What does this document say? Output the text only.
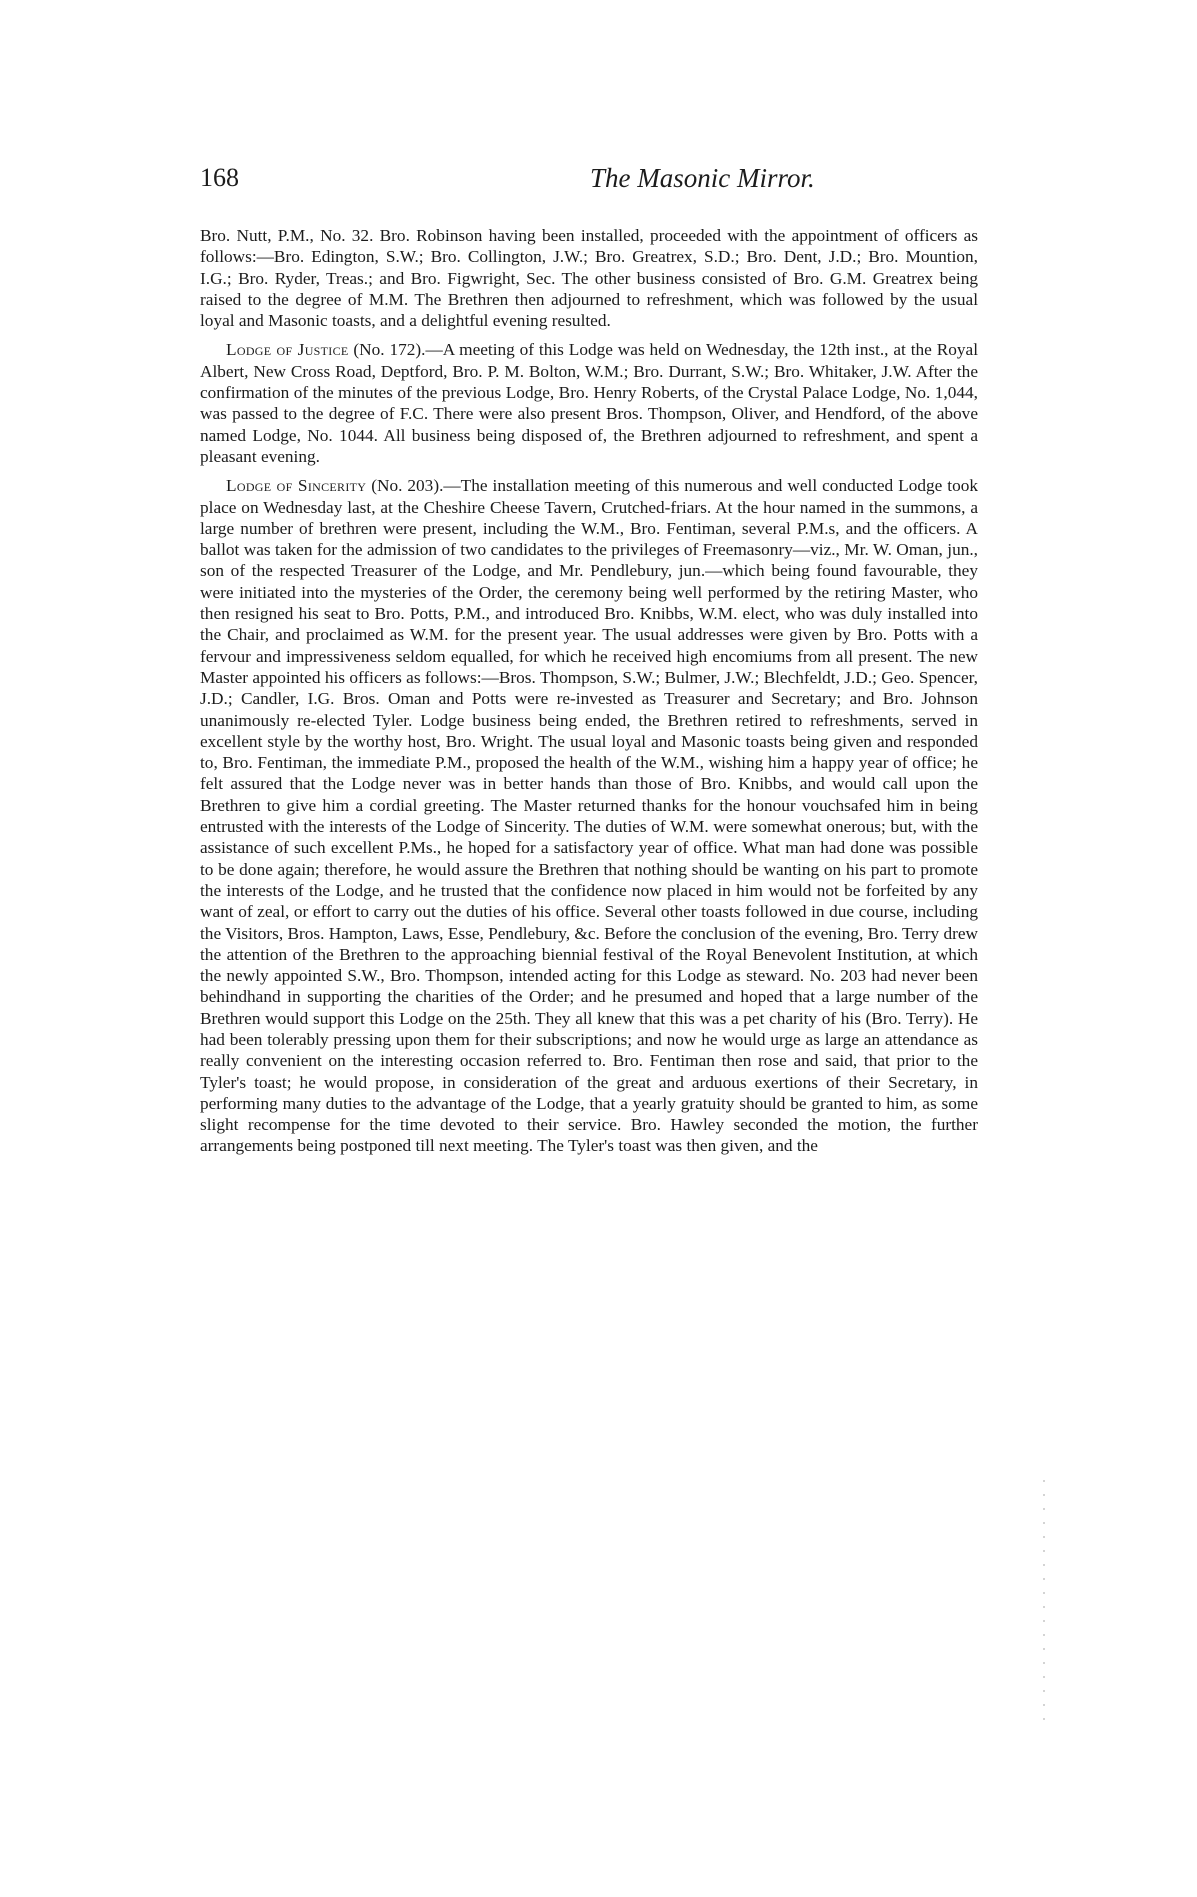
168	The Masonic Mirror.

Bro. Nutt, P.M., No. 32. Bro. Robinson having been installed, proceeded with the appointment of officers as follows:—Bro. Edington, S.W.; Bro. Collington, J.W.; Bro. Greatrex, S.D.; Bro. Dent, J.D.; Bro. Mountion, I.G.; Bro. Ryder, Treas.; and Bro. Figwright, Sec. The other business consisted of Bro. G.M. Greatrex being raised to the degree of M.M. The Brethren then adjourned to refreshment, which was followed by the usual loyal and Masonic toasts, and a delightful evening resulted.

Lodge of Justice (No. 172).—A meeting of this Lodge was held on Wednesday, the 12th inst., at the Royal Albert, New Cross Road, Deptford, Bro. P. M. Bolton, W.M.; Bro. Durrant, S.W.; Bro. Whitaker, J.W. After the confirmation of the minutes of the previous Lodge, Bro. Henry Roberts, of the Crystal Palace Lodge, No. 1,044, was passed to the degree of F.C. There were also present Bros. Thompson, Oliver, and Hendford, of the above named Lodge, No. 1044. All business being disposed of, the Brethren adjourned to refreshment, and spent a pleasant evening.

Lodge of Sincerity (No. 203).—The installation meeting of this numerous and well conducted Lodge took place on Wednesday last, at the Cheshire Cheese Tavern, Crutched-friars. At the hour named in the summons, a large number of brethren were present, including the W.M., Bro. Fentiman, several P.M.s, and the officers. A ballot was taken for the admission of two candidates to the privileges of Freemasonry—viz., Mr. W. Oman, jun., son of the respected Treasurer of the Lodge, and Mr. Pendlebury, jun.—which being found favourable, they were initiated into the mysteries of the Order, the ceremony being well performed by the retiring Master, who then resigned his seat to Bro. Potts, P.M., and introduced Bro. Knibbs, W.M. elect, who was duly installed into the Chair, and proclaimed as W.M. for the present year. The usual addresses were given by Bro. Potts with a fervour and impressiveness seldom equalled, for which he received high encomiums from all present. The new Master appointed his officers as follows:—Bros. Thompson, S.W.; Bulmer, J.W.; Blechfeldt, J.D.; Geo. Spencer, J.D.; Candler, I.G. Bros. Oman and Potts were re-invested as Treasurer and Secretary; and Bro. Johnson unanimously re-elected Tyler. Lodge business being ended, the Brethren retired to refreshments, served in excellent style by the worthy host, Bro. Wright. The usual loyal and Masonic toasts being given and responded to, Bro. Fentiman, the immediate P.M., proposed the health of the W.M., wishing him a happy year of office; he felt assured that the Lodge never was in better hands than those of Bro. Knibbs, and would call upon the Brethren to give him a cordial greeting. The Master returned thanks for the honour vouchsafed him in being entrusted with the interests of the Lodge of Sincerity. The duties of W.M. were somewhat onerous; but, with the assistance of such excellent P.Ms., he hoped for a satisfactory year of office. What man had done was possible to be done again; therefore, he would assure the Brethren that nothing should be wanting on his part to promote the interests of the Lodge, and he trusted that the confidence now placed in him would not be forfeited by any want of zeal, or effort to carry out the duties of his office. Several other toasts followed in due course, including the Visitors, Bros. Hampton, Laws, Esse, Pendlebury, &c. Before the conclusion of the evening, Bro. Terry drew the attention of the Brethren to the approaching biennial festival of the Royal Benevolent Institution, at which the newly appointed S.W., Bro. Thompson, intended acting for this Lodge as steward. No. 203 had never been behindhand in supporting the charities of the Order; and he presumed and hoped that a large number of the Brethren would support this Lodge on the 25th. They all knew that this was a pet charity of his (Bro. Terry). He had been tolerably pressing upon them for their subscriptions; and now he would urge as large an attendance as really convenient on the interesting occasion referred to. Bro. Fentiman then rose and said, that prior to the Tyler's toast; he would propose, in consideration of the great and arduous exertions of their Secretary, in performing many duties to the advantage of the Lodge, that a yearly gratuity should be granted to him, as some slight recompense for the time devoted to their service. Bro. Hawley seconded the motion, the further arrangements being postponed till next meeting. The Tyler's toast was then given, and the
